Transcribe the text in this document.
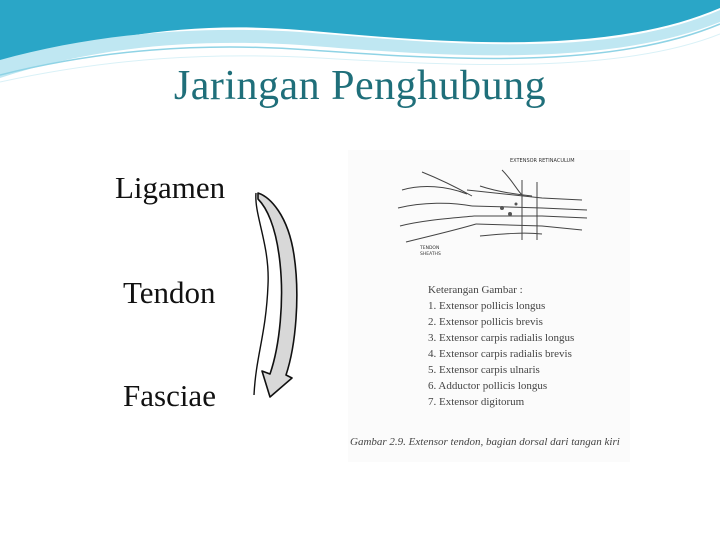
Jaringan Penghubung
Ligamen
Tendon
Fasciae
EXTENSOR RETINACULUM
TENDON SHEATHS
Keterangan Gambar :
1. Extensor pollicis longus
2. Extensor pollicis brevis
3. Extensor carpis radialis longus
4. Extensor carpis radialis brevis
5. Extensor carpis ulnaris
6. Adductor pollicis longus
7. Extensor digitorum
Gambar 2.9. Extensor tendon, bagian dorsal dari tangan kiri
